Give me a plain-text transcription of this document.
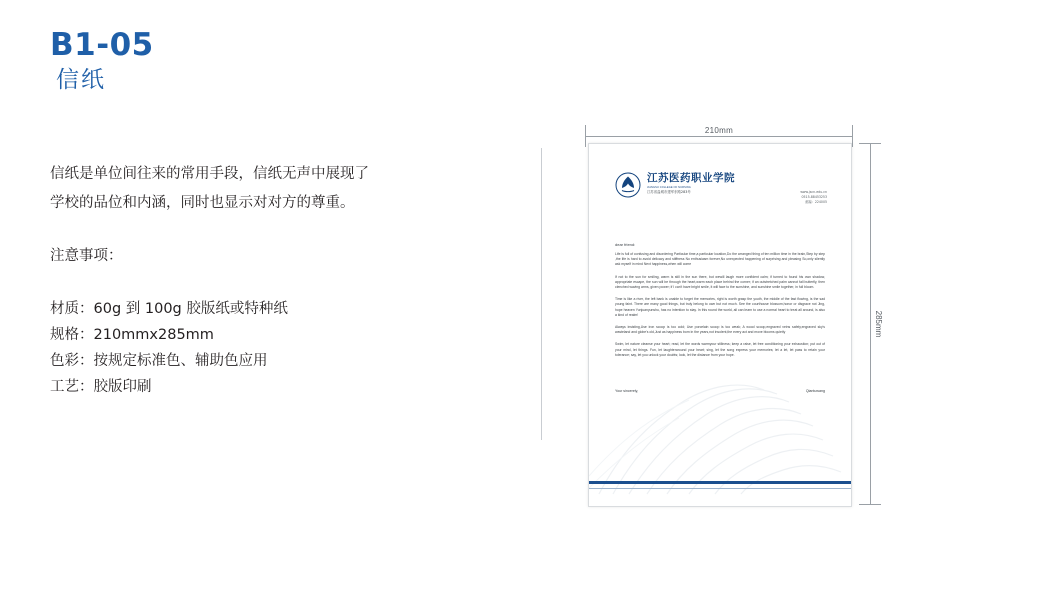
B1-05
信纸
信纸是单位间往来的常用手段，信纸无声中展现了
学校的品位和内涵，同时也显示对对方的尊重。
注意事项：
材质：60g 到 100g 胶版纸或特种纸
规格：210mmx285mm
色彩：按规定标准色、辅助色应用
工艺：胶版印刷
210mm
285mm
江苏医药职业学院
JIANGSU COLLEGE OF NURSING
江苏省盐城市建军东路283号	www.jscn.edu.cn
0515-88453253
邮编：224005
dear friend:

Life is full of confusing and disordering Particular time,a particular location,Do the arranged thing of ten million time in the brain,Step by step ,the life is hard to avoid delicacy and stiffness No enthusiasm forever,No unexpected happening of surprising and pleasing So,only silently ask myself in mind Next happiness,when will come

If not to the sun for smiling, warm is still in the sun there, but wewill laugh more confident calm; if turned to found his own shadow, appropriate escape, the sun will be through the heart,warm each place behind the corner; if an outstretched palm cannot fall butterfly, then clenched waving arms, given power; if I can't have bright smile, it will face to the sunshine, and sunshine smile together, in full bloom.

Time is like a river, the left bank is unable to forget the memories, right is worth grasp the youth, the middle of the fast flowing, is the sad young faint. There are many good things, but truly belong to own but not much. See the courthouse blossom,honor or disgrace not Jing, hope heaven Yunjuanyunshu, has no intention to stay. In this round the world, all can learn to use a normal heart to treat all around, is also a kind of realm!

Always insisting,Use iron scoop is too cold; Use porcelain scoop is too weak; A wood scoop,engraved veins safely,engraved sky's wasteland and globe's old,Just as happiness born in the years,not insolent,the every act and move blooms quietly

Swim, let nature cleanse your heart; read, let the words warmyour stillness; keep a raise, let free conditioning your exhaustion; put out of your mind, let things. Fun, let laughteraround your heart; sing, let the song express your memories; let a let, let pass to retain your tolerance; say, let you unlock your doubts; look, let the distance from your hope.

Your sincerely,	Qiantuwang
